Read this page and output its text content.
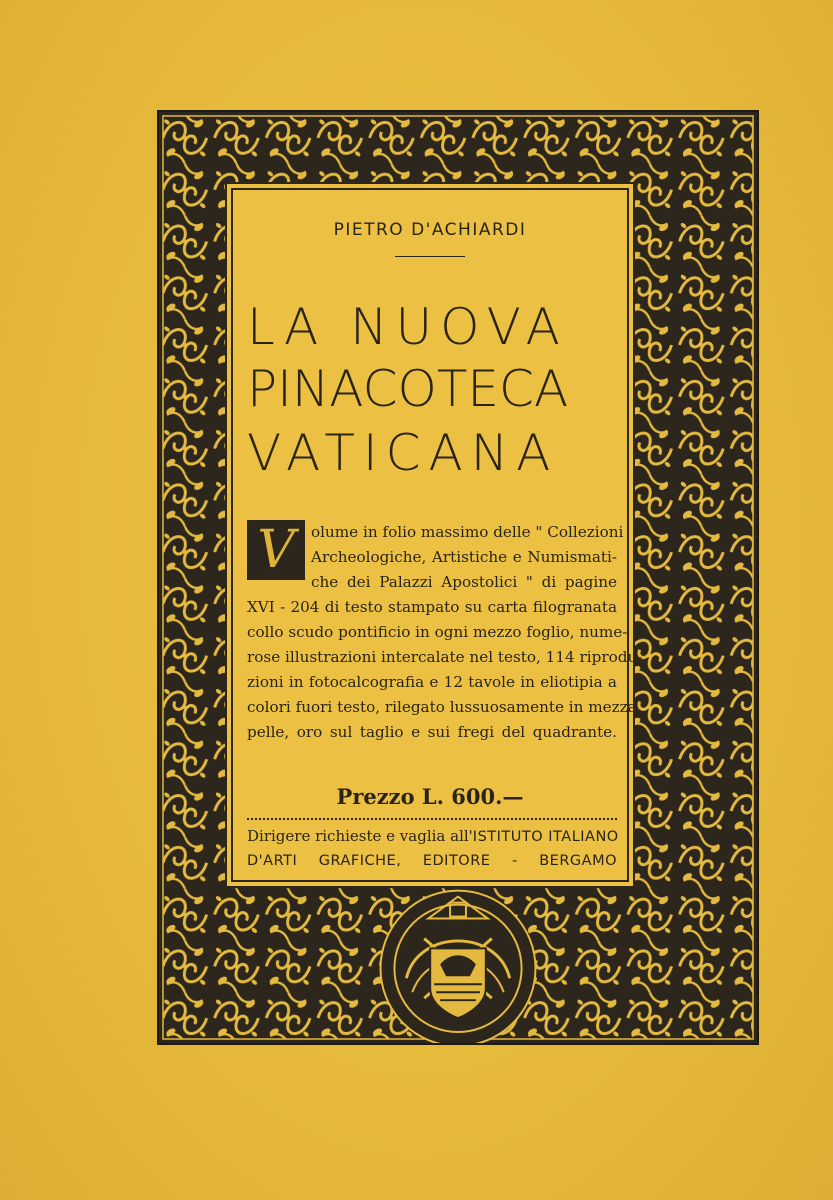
PIETRO D'ACHIARDI
LA NUOVA
PINACOTECA
VATICANA
V	olume in folio massimo delle " Collezioni
Archeologiche, Artistiche e Numismati-
che dei Palazzi Apostolici " di pagine
XVI - 204 di testo stampato su carta filogranata
collo scudo pontificio in ogni mezzo foglio, nume-
rose illustrazioni intercalate nel testo, 114 riprodu-
zioni in fotocalcografia e 12 tavole in eliotipia a
colori fuori testo, rilegato lussuosamente in mezza
pelle, oro sul taglio e sui fregi del quadrante.
Prezzo L. 600.—
Dirigere richieste e vaglia all'ISTITUTO ITALIANO
D'ARTI GRAFICHE, EDITORE - BERGAMO
